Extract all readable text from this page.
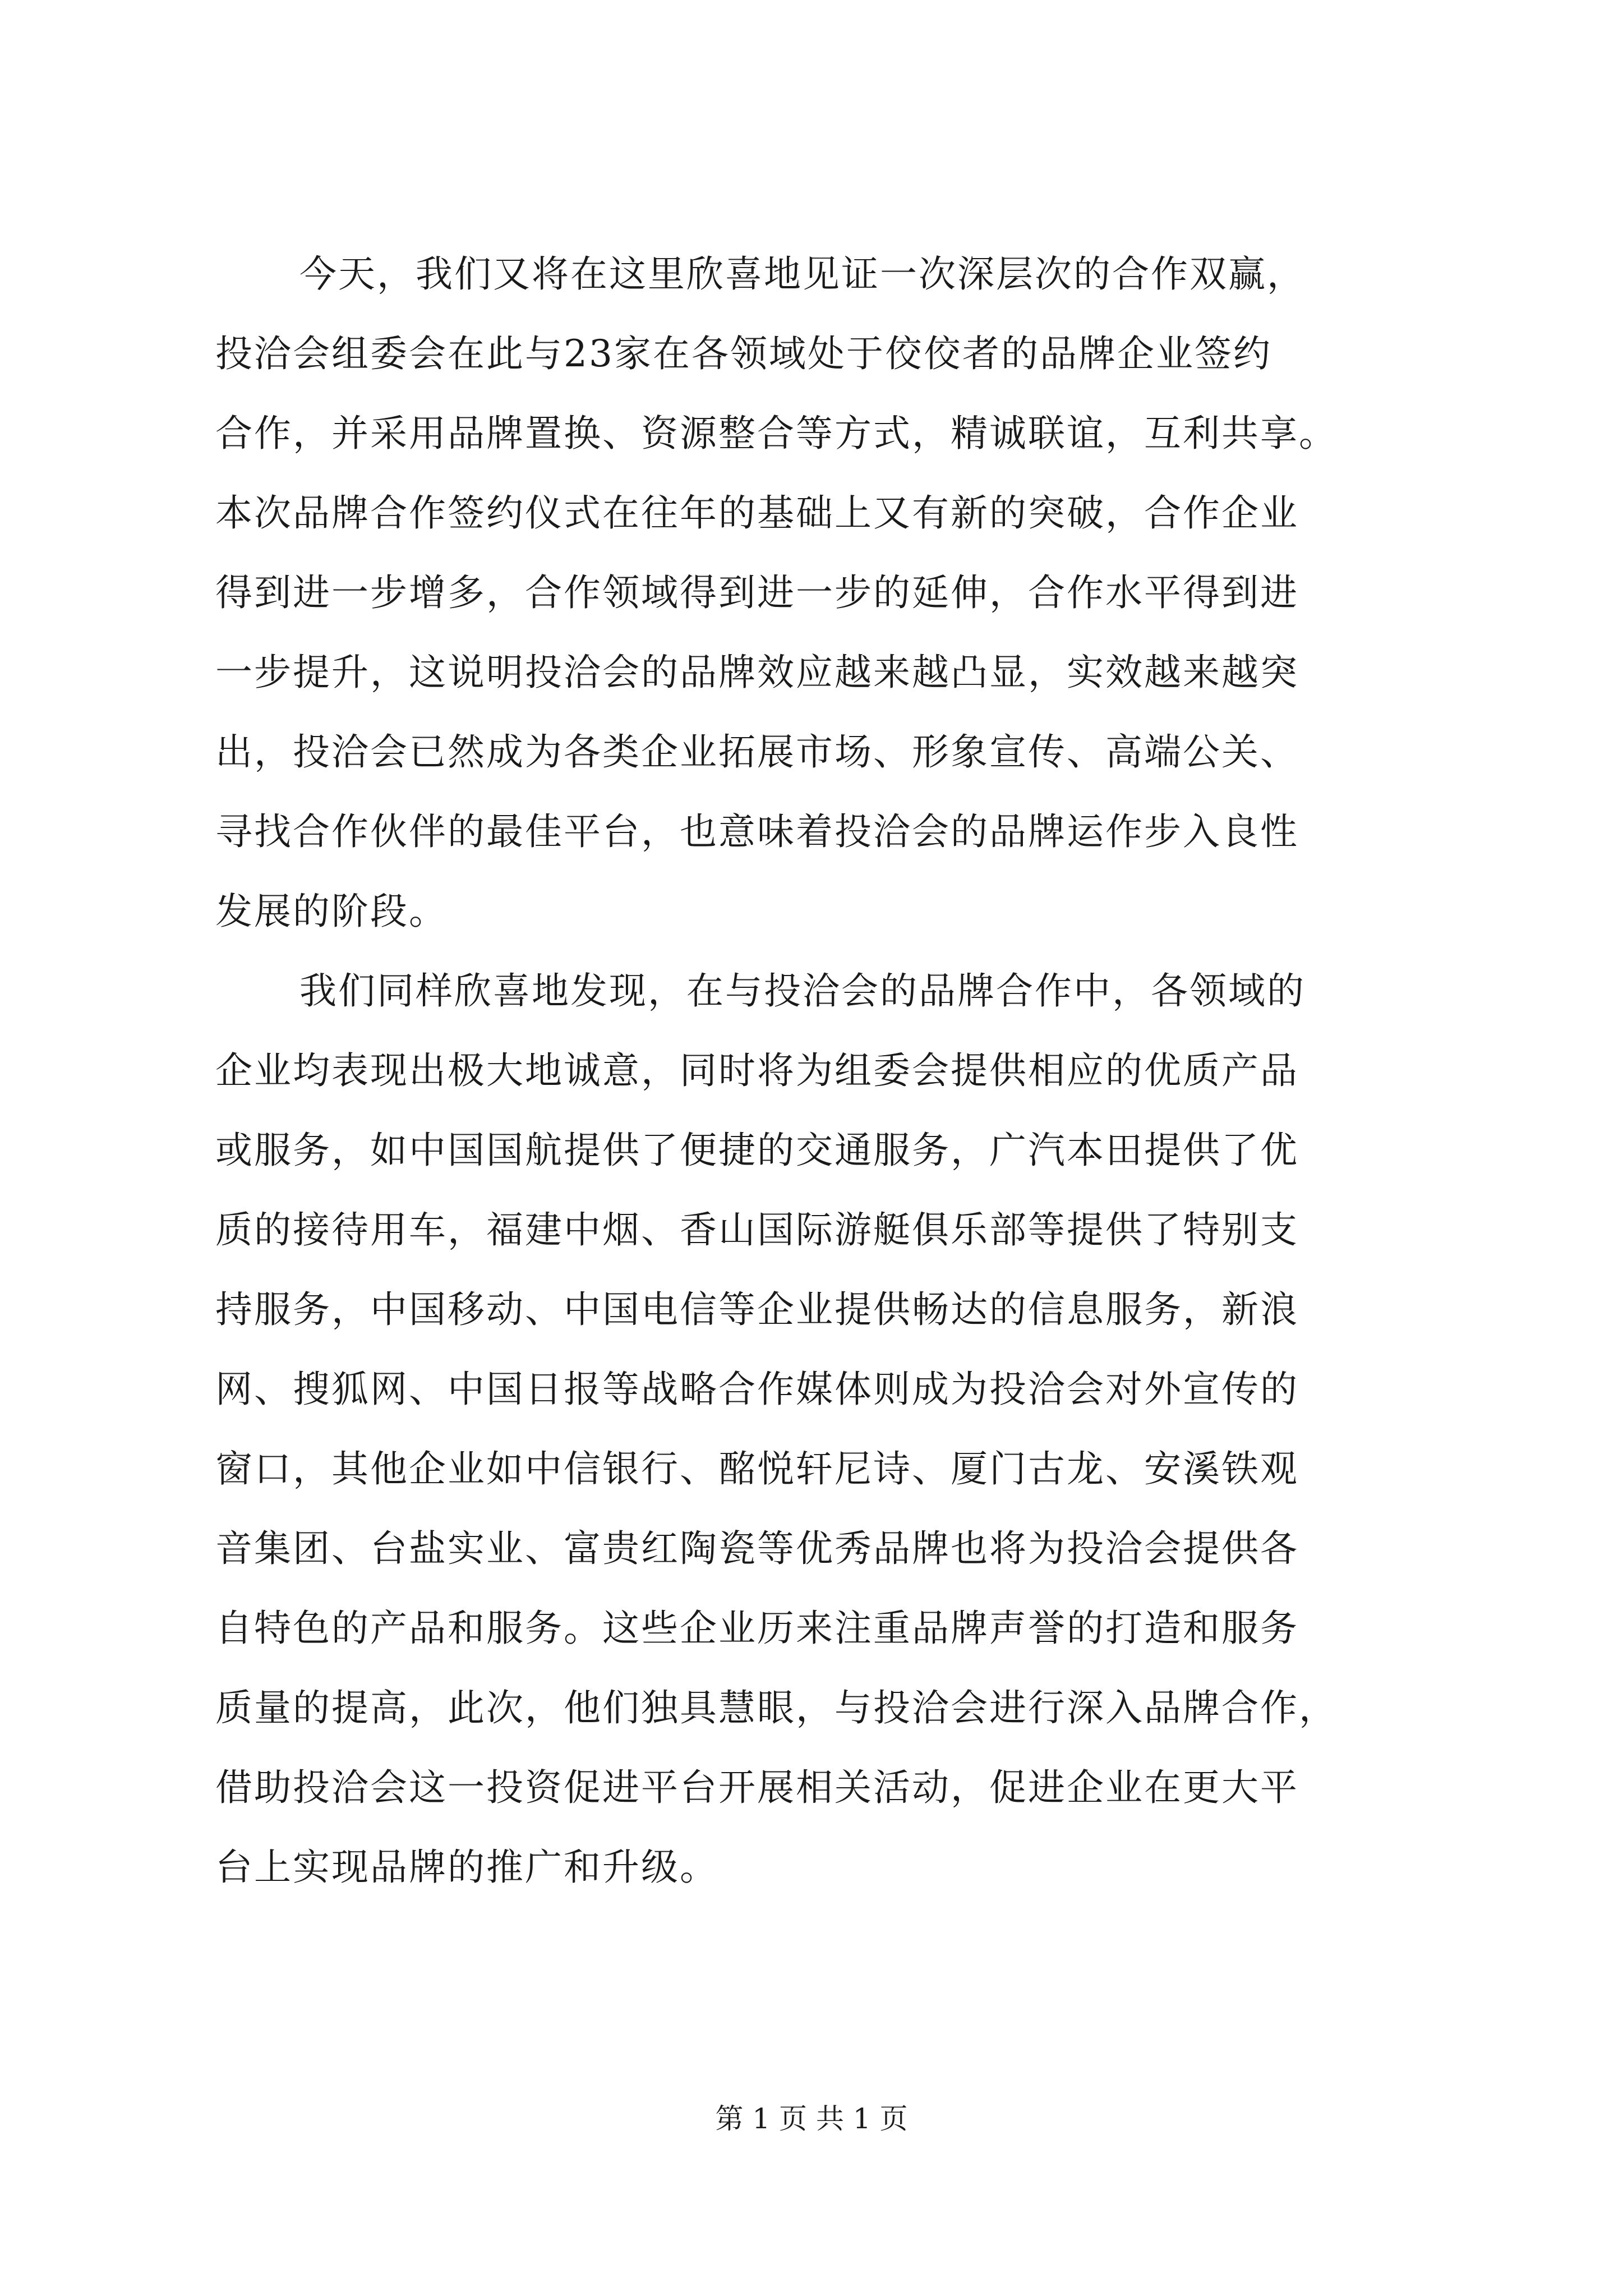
今天，我们又将在这里欣喜地见证一次深层次的合作双赢，
投洽会组委会在此与23家在各领域处于佼佼者的品牌企业签约
合作，并采用品牌置换、资源整合等方式，精诚联谊，互利共享。
本次品牌合作签约仪式在往年的基础上又有新的突破，合作企业
得到进一步增多，合作领域得到进一步的延伸，合作水平得到进
一步提升，这说明投洽会的品牌效应越来越凸显，实效越来越突
出，投洽会已然成为各类企业拓展市场、形象宣传、高端公关、
寻找合作伙伴的最佳平台，也意味着投洽会的品牌运作步入良性
发展的阶段。
我们同样欣喜地发现，在与投洽会的品牌合作中，各领域的
企业均表现出极大地诚意，同时将为组委会提供相应的优质产品
或服务，如中国国航提供了便捷的交通服务，广汽本田提供了优
质的接待用车，福建中烟、香山国际游艇俱乐部等提供了特别支
持服务，中国移动、中国电信等企业提供畅达的信息服务，新浪
网、搜狐网、中国日报等战略合作媒体则成为投洽会对外宣传的
窗口，其他企业如中信银行、酩悦轩尼诗、厦门古龙、安溪铁观
音集团、台盐实业、富贵红陶瓷等优秀品牌也将为投洽会提供各
自特色的产品和服务。这些企业历来注重品牌声誉的打造和服务
质量的提高，此次，他们独具慧眼，与投洽会进行深入品牌合作，
借助投洽会这一投资促进平台开展相关活动，促进企业在更大平
台上实现品牌的推广和升级。
第 1 页 共 1 页
